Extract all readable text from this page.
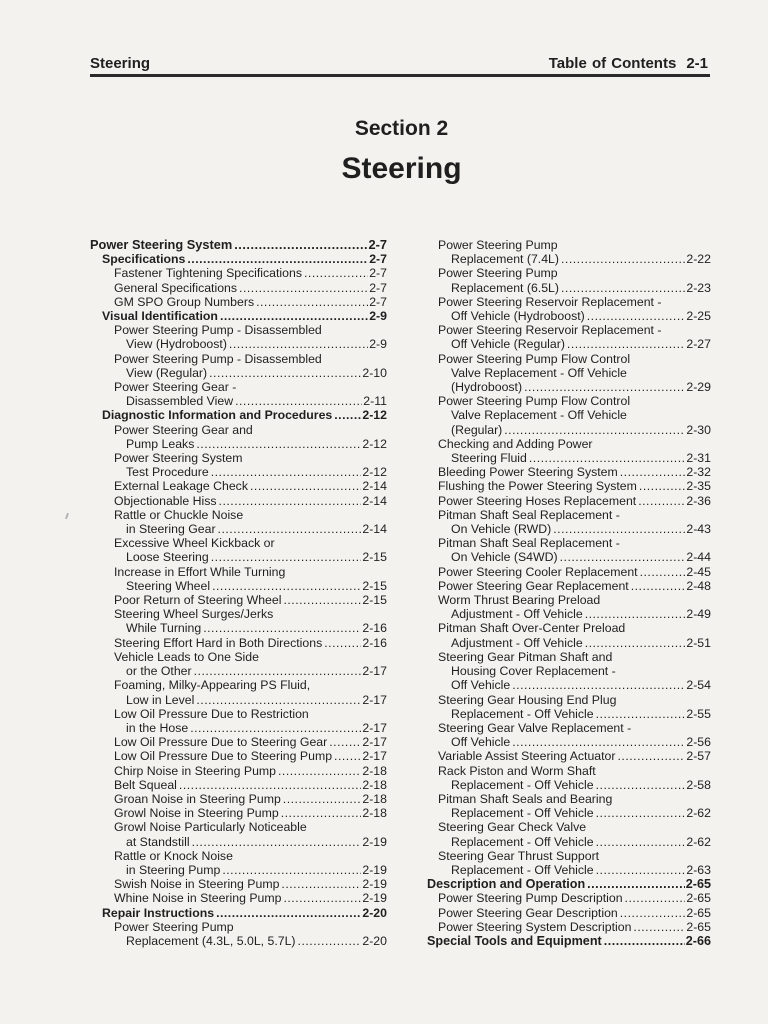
Steering	Table of Contents 2-1
Section 2
Steering
Power Steering System .....	2-7
Specifications .....	2-7
Fastener Tightening Specifications .....	2-7
General Specifications .....	2-7
GM SPO Group Numbers .....	2-7
Visual Identification .....	2-9
Power Steering Pump - Disassembled
View (Hydroboost) .....	2-9
Power Steering Pump - Disassembled
View (Regular) .....	2-10
Power Steering Gear -
Disassembled View .....	2-11
Diagnostic Information and Procedures ..... 2-12
Power Steering Gear and
Pump Leaks .....	2-12
Power Steering System
Test Procedure .....	2-12
External Leakage Check .....	2-14
Objectionable Hiss .....	2-14
Rattle or Chuckle Noise
in Steering Gear .....	2-14
Excessive Wheel Kickback or
Loose Steering .....	2-15
Increase in Effort While Turning
Steering Wheel .....	2-15
Poor Return of Steering Wheel .....	2-15
Steering Wheel Surges/Jerks
While Turning .....	2-16
Steering Effort Hard in Both Directions .....	2-16
Vehicle Leads to One Side
or the Other .....	2-17
Foaming, Milky-Appearing PS Fluid,
Low in Level .....	2-17
Low Oil Pressure Due to Restriction
in the Hose .....	2-17
Low Oil Pressure Due to Steering Gear .....	2-17
Low Oil Pressure Due to Steering Pump ..... 2-17
Chirp Noise in Steering Pump .....	2-18
Belt Squeal .....	2-18
Groan Noise in Steering Pump .....	2-18
Growl Noise in Steering Pump .....	2-18
Growl Noise Particularly Noticeable
at Standstill .....	2-19
Rattle or Knock Noise
in Steering Pump .....	2-19
Swish Noise in Steering Pump .....	2-19
Whine Noise in Steering Pump .....	2-19
Repair Instructions .....	2-20
Power Steering Pump
Replacement (4.3L, 5.0L, 5.7L) .....	2-20
Power Steering Pump
Replacement (7.4L) .....	2-22
Power Steering Pump
Replacement (6.5L) .....	2-23
Power Steering Reservoir Replacement -
Off Vehicle (Hydroboost) .....	2-25
Power Steering Reservoir Replacement -
Off Vehicle (Regular) .....	2-27
Power Steering Pump Flow Control
Valve Replacement - Off Vehicle
(Hydroboost) .....	2-29
Power Steering Pump Flow Control
Valve Replacement - Off Vehicle
(Regular) .....	2-30
Checking and Adding Power
Steering Fluid .....	2-31
Bleeding Power Steering System .....	2-32
Flushing the Power Steering System .....	2-35
Power Steering Hoses Replacement .....	2-36
Pitman Shaft Seal Replacement -
On Vehicle (RWD) .....	2-43
Pitman Shaft Seal Replacement -
On Vehicle (S4WD) .....	2-44
Power Steering Cooler Replacement .....	2-45
Power Steering Gear Replacement .....	2-48
Worm Thrust Bearing Preload
Adjustment - Off Vehicle .....	2-49
Pitman Shaft Over-Center Preload
Adjustment - Off Vehicle .....	2-51
Steering Gear Pitman Shaft and
Housing Cover Replacement -
Off Vehicle .....	2-54
Steering Gear Housing End Plug
Replacement - Off Vehicle .....	2-55
Steering Gear Valve Replacement -
Off Vehicle .....	2-56
Variable Assist Steering Actuator .....	2-57
Rack Piston and Worm Shaft
Replacement - Off Vehicle .....	2-58
Pitman Shaft Seals and Bearing
Replacement - Off Vehicle .....	2-62
Steering Gear Check Valve
Replacement - Off Vehicle .....	2-62
Steering Gear Thrust Support
Replacement - Off Vehicle .....	2-63
Description and Operation .....	2-65
Power Steering Pump Description .....	2-65
Power Steering Gear Description .....	2-65
Power Steering System Description .....	2-65
Special Tools and Equipment .....	2-66
